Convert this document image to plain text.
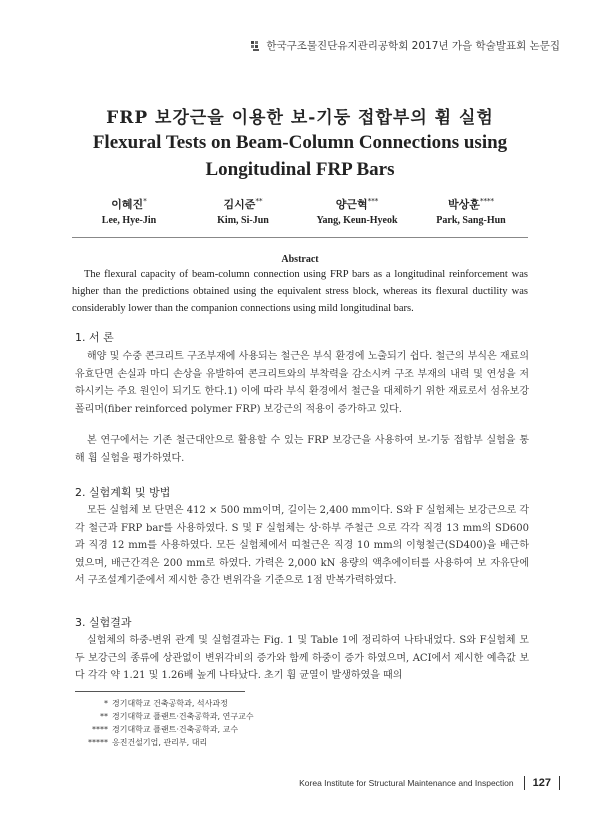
한국구조물진단유지관리공학회 2017년 가을 학술발표회 논문집
FRP 보강근을 이용한 보-기둥 접합부의 휨 실험
Flexural Tests on Beam-Column Connections using
Longitudinal FRP Bars
이혜진*
Lee, Hye-Jin
김시준**
Kim, Si-Jun
양근혁***
Yang, Keun-Hyeok
박상훈****
Park, Sang-Hun
Abstract
The flexural capacity of beam-column connection using FRP bars as a longitudinal reinforcement was higher than the predictions obtained using the equivalent stress block, whereas its flexural ductility was considerably lower than the companion connections using mild longitudinal bars.
1. 서 론
해양 및 수중 콘크리트 구조부재에 사용되는 철근은 부식 환경에 노출되기 쉽다. 철근의 부식은 재료의 유효단면 손실과 마디 손상을 유발하여 콘크리트와의 부착력을 감소시켜 구조 부재의 내력 및 연성을 저하시키는 주요 원인이 되기도 한다.1) 이에 따라 부식 환경에서 철근을 대체하기 위한 재료로서 섬유보강 폴리머(fiber reinforced polymer FRP) 보강근의 적용이 증가하고 있다.
본 연구에서는 기존 철근대안으로 활용할 수 있는 FRP 보강근을 사용하여 보-기둥 접합부 실험을 통해 휨 실험을 평가하였다.
2. 실험계획 및 방법
모든 실험체 보 단면은 412 × 500 mm이며, 길이는 2,400 mm이다. S와 F 실험체는 보강근으로 각각 철근과 FRP bar를 사용하였다. S 및 F 실험체는 상·하부 주철근 으로 각각 직경 13 mm의 SD600과 직경 12 mm를 사용하였다. 모든 실험체에서 띠철근은 직경 10 mm의 이형철근(SD400)을 배근하였으며, 배근간격은 200 mm로 하였다. 가력은 2,000 kN 용량의 액추에이터를 사용하여 보 자유단에서 구조설계기준에서 제시한 층간 변위각을 기준으로 1점 반복가력하였다.
3. 실험결과
실험체의 하중-변위 관계 및 실험결과는 Fig. 1 및 Table 1에 정리하여 나타내었다. S와 F실험체 모두 보강근의 종류에 상관없이 변위각비의 증가와 함께 하중이 증가 하였으며, ACI에서 제시한 예측값 보다 각각 약 1.21 및 1.26배 높게 나타났다. 초기 휨 균열이 발생하였을 때의
* 경기대학교 건축공학과, 석사과정
** 경기대학교 플랜트·건축공학과, 연구교수
**** 경기대학교 플랜트·건축공학과, 교수
***** 응진건설기업, 관리부, 대리
Korea Institute for Structural Maintenance and Inspection 127
